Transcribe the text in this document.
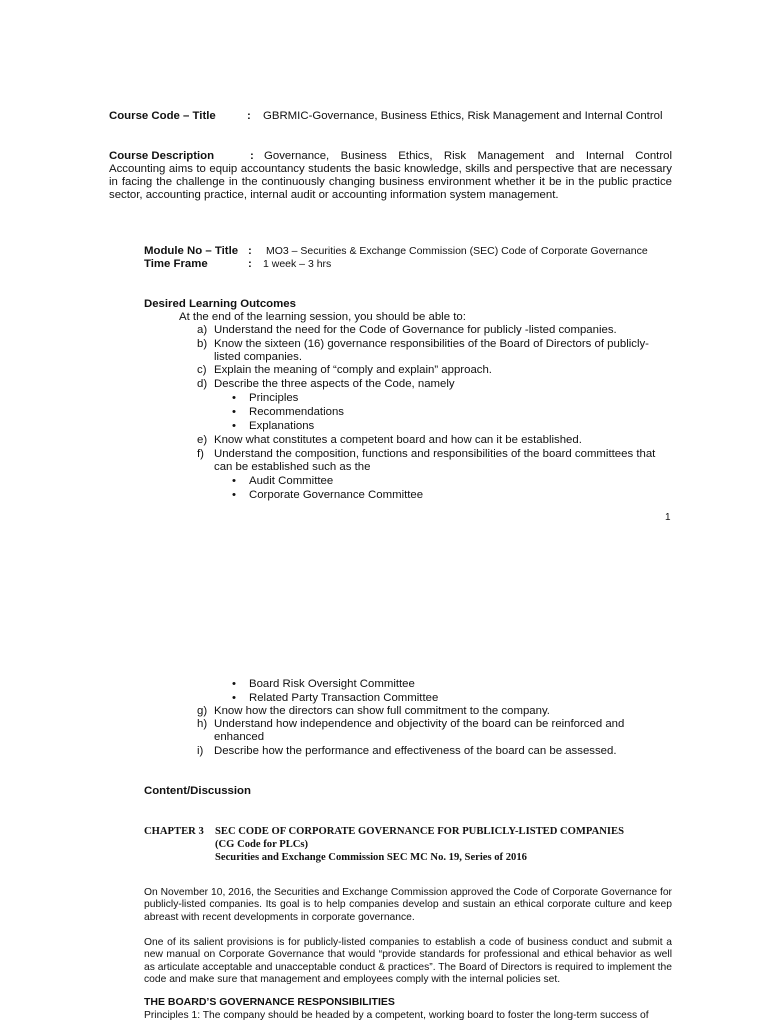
Course Code – Title	: GBRMIC-Governance, Business Ethics, Risk Management and Internal Control
Course Description	: Governance, Business Ethics, Risk Management and Internal Control
Accounting aims to equip accountancy students the basic knowledge, skills and perspective that are necessary in facing the challenge in the continuously changing business environment whether it be in the public practice sector, accounting practice, internal audit or accounting information system management.
Module No – Title : MO3 – Securities & Exchange Commission (SEC) Code of Corporate Governance
Time Frame	: 1 week – 3 hrs
Desired Learning Outcomes
At the end of the learning session, you should be able to:
a) Understand the need for the Code of Governance for publicly -listed companies.
b) Know the sixteen (16) governance responsibilities of the Board of Directors of publicly-
listed companies.
c) Explain the meaning of “comply and explain” approach.
d) Describe the three aspects of the Code, namely
• Principles
• Recommendations
• Explanations
e) Know what constitutes a competent board and how can it be established.
f) Understand the composition, functions and responsibilities of the board committees that
can be established such as the
• Audit Committee
• Corporate Governance Committee
1
• Board Risk Oversight Committee
• Related Party Transaction Committee
g) Know how the directors can show full commitment to the company.
h) Understand how independence and objectivity of the board can be reinforced and
enhanced
i) Describe how the performance and effectiveness of the board can be assessed.
Content/Discussion
CHAPTER 3 SEC CODE OF CORPORATE GOVERNANCE FOR PUBLICLY-LISTED COMPANIES
(CG Code for PLCs)
Securities and Exchange Commission SEC MC No. 19, Series of 2016
On November 10, 2016, the Securities and Exchange Commission approved the Code of Corporate Governance for publicly-listed companies. Its goal is to help companies develop and sustain an ethical corporate culture and keep abreast with recent developments in corporate governance.
One of its salient provisions is for publicly-listed companies to establish a code of business conduct and submit a new manual on Corporate Governance that would “provide standards for professional and ethical behavior as well as articulate acceptable and unacceptable conduct & practices”. The Board of Directors is required to implement the code and make sure that management and employees comply with the internal policies set.
THE BOARD’S GOVERNANCE RESPONSIBILITIES
Principles 1: The company should be headed by a competent, working board to foster the long-term success of
